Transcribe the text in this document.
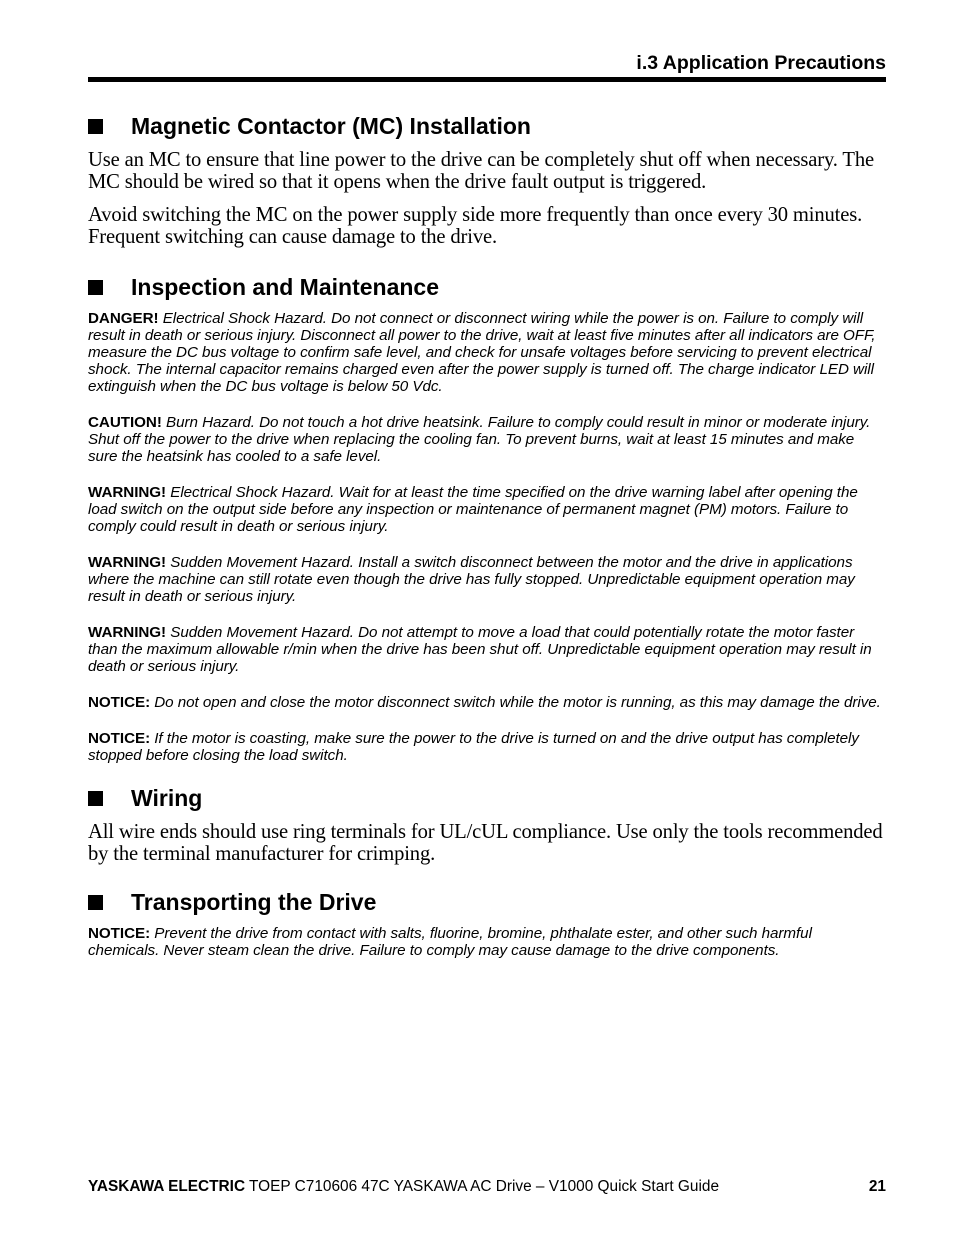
i.3 Application Precautions
Magnetic Contactor (MC) Installation

Use an MC to ensure that line power to the drive can be completely shut off when necessary. The MC should be wired so that it opens when the drive fault output is triggered.

Avoid switching the MC on the power supply side more frequently than once every 30 minutes. Frequent switching can cause damage to the drive.

Inspection and Maintenance

DANGER! Electrical Shock Hazard. Do not connect or disconnect wiring while the power is on. Failure to comply will result in death or serious injury. Disconnect all power to the drive, wait at least five minutes after all indicators are OFF, measure the DC bus voltage to confirm safe level, and check for unsafe voltages before servicing to prevent electrical shock. The internal capacitor remains charged even after the power supply is turned off. The charge indicator LED will extinguish when the DC bus voltage is below 50 Vdc.

CAUTION! Burn Hazard. Do not touch a hot drive heatsink. Failure to comply could result in minor or moderate injury. Shut off the power to the drive when replacing the cooling fan. To prevent burns, wait at least 15 minutes and make sure the heatsink has cooled to a safe level.

WARNING! Electrical Shock Hazard. Wait for at least the time specified on the drive warning label after opening the load switch on the output side before any inspection or maintenance of permanent magnet (PM) motors. Failure to comply could result in death or serious injury.

WARNING! Sudden Movement Hazard. Install a switch disconnect between the motor and the drive in applications where the machine can still rotate even though the drive has fully stopped. Unpredictable equipment operation may result in death or serious injury.

WARNING! Sudden Movement Hazard. Do not attempt to move a load that could potentially rotate the motor faster than the maximum allowable r/min when the drive has been shut off. Unpredictable equipment operation may result in death or serious injury.

NOTICE: Do not open and close the motor disconnect switch while the motor is running, as this may damage the drive.

NOTICE: If the motor is coasting, make sure the power to the drive is turned on and the drive output has completely stopped before closing the load switch.

Wiring

All wire ends should use ring terminals for UL/cUL compliance. Use only the tools recommended by the terminal manufacturer for crimping.

Transporting the Drive

NOTICE: Prevent the drive from contact with salts, fluorine, bromine, phthalate ester, and other such harmful chemicals. Never steam clean the drive. Failure to comply may cause damage to the drive components.

YASKAWA ELECTRIC TOEP C710606 47C YASKAWA AC Drive – V1000 Quick Start Guide	21
